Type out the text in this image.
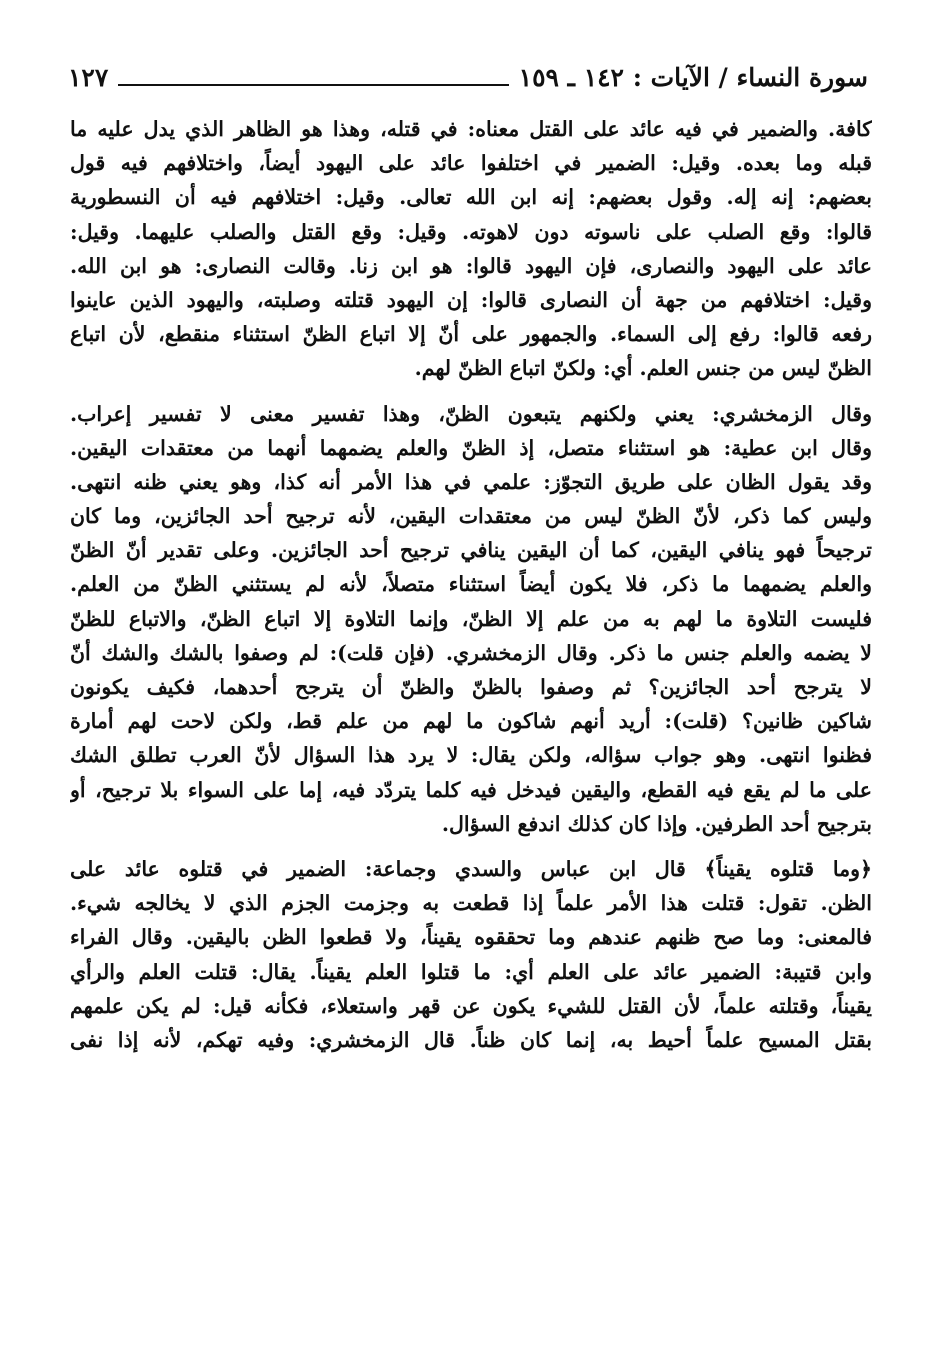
سورة النساء / الآيات : ١٤٢ ـ ١٥٩
١٢٧
كافة. والضمير في فيه عائد على القتل معناه: في قتله، وهذا هو الظاهر الذي يدل عليه ما
قبله وما بعده. وقيل: الضمير في اختلفوا عائد على اليهود أيضاً، واختلافهم فيه قول
بعضهم: إنه إله. وقول بعضهم: إنه ابن الله تعالى. وقيل: اختلافهم فيه أن النسطورية
قالوا: وقع الصلب على ناسوته دون لاهوته. وقيل: وقع القتل والصلب عليهما. وقيل:
عائد على اليهود والنصارى، فإن اليهود قالوا: هو ابن زنا. وقالت النصارى: هو ابن الله.
وقيل: اختلافهم من جهة أن النصارى قالوا: إن اليهود قتلته وصلبته، واليهود الذين عاينوا
رفعه قالوا: رفع إلى السماء. والجمهور على أنّ إلا اتباع الظنّ استثناء منقطع، لأن اتباع
الظنّ ليس من جنس العلم. أي: ولكنّ اتباع الظنّ لهم.
وقال الزمخشري: يعني ولكنهم يتبعون الظنّ، وهذا تفسير معنى لا تفسير إعراب.
وقال ابن عطية: هو استثناء متصل، إذ الظنّ والعلم يضمهما أنهما من معتقدات اليقين.
وقد يقول الظان على طريق التجوّز: علمي في هذا الأمر أنه كذا، وهو يعني ظنه انتهى.
وليس كما ذكر، لأنّ الظنّ ليس من معتقدات اليقين، لأنه ترجيح أحد الجائزين، وما كان
ترجيحاً فهو ينافي اليقين، كما أن اليقين ينافي ترجيح أحد الجائزين. وعلى تقدير أنّ الظنّ
والعلم يضمهما ما ذكر، فلا يكون أيضاً استثناء متصلاً، لأنه لم يستثني الظنّ من العلم.
فليست التلاوة ما لهم به من علم إلا الظنّ، وإنما التلاوة إلا اتباع الظنّ، والاتباع للظنّ
لا يضمه والعلم جنس ما ذكر. وقال الزمخشري. (فإن قلت): لم وصفوا بالشك والشك أنّ
لا يترجح أحد الجائزين؟ ثم وصفوا بالظنّ والظنّ أن يترجح أحدهما، فكيف يكونون
شاكين ظانين؟ (قلت): أريد أنهم شاكون ما لهم من علم قط، ولكن لاحت لهم أمارة
فظنوا انتهى. وهو جواب سؤاله، ولكن يقال: لا يرد هذا السؤال لأنّ العرب تطلق الشك
على ما لم يقع فيه القطع، واليقين فيدخل فيه كلما يتردّد فيه، إما على السواء بلا ترجيح، أو
بترجيح أحد الطرفين. وإذا كان كذلك اندفع السؤال.
﴿وما قتلوه يقيناً﴾ قال ابن عباس والسدي وجماعة: الضمير في قتلوه عائد على
الظن. تقول: قتلت هذا الأمر علماً إذا قطعت به وجزمت الجزم الذي لا يخالجه شيء.
فالمعنى: وما صح ظنهم عندهم وما تحققوه يقيناً، ولا قطعوا الظن باليقين. وقال الفراء
وابن قتيبة: الضمير عائد على العلم أي: ما قتلوا العلم يقيناً. يقال: قتلت العلم والرأي
يقيناً، وقتلته علماً، لأن القتل للشيء يكون عن قهر واستعلاء، فكأنه قيل: لم يكن علمهم
بقتل المسيح علماً أحيط به، إنما كان ظناً. قال الزمخشري: وفيه تهكم، لأنه إذا نفى
